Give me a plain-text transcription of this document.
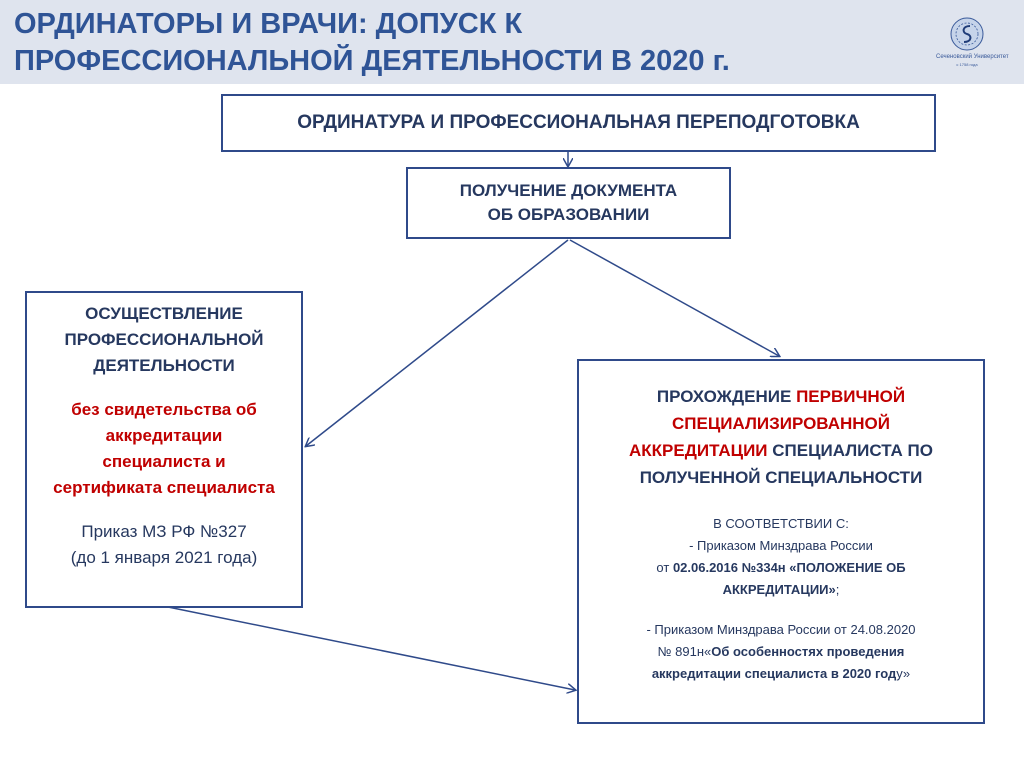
ОРДИНАТОРЫ И ВРАЧИ: ДОПУСК К
ПРОФЕССИОНАЛЬНОЙ ДЕЯТЕЛЬНОСТИ В 2020 г.	Сеченовский Университет
с 1758 года
ОРДИНАТУРА И ПРОФЕССИОНАЛЬНАЯ ПЕРЕПОДГОТОВКА
ПОЛУЧЕНИЕ ДОКУМЕНТА
ОБ ОБРАЗОВАНИИ
ОСУЩЕСТВЛЕНИЕ
ПРОФЕССИОНАЛЬНОЙ
ДЕЯТЕЛЬНОСТИ
без свидетельства об
аккредитации
специалиста и
сертификата специалиста
Приказ МЗ РФ №327
(до 1 января 2021 года)
ПРОХОЖДЕНИЕ ПЕРВИЧНОЙ
СПЕЦИАЛИЗИРОВАННОЙ
АККРЕДИТАЦИИ СПЕЦИАЛИСТА ПО
ПОЛУЧЕННОЙ СПЕЦИАЛЬНОСТИ
В СООТВЕТСТВИИ С:
- Приказом Минздрава России
от 02.06.2016 №334н «ПОЛОЖЕНИЕ ОБ
АККРЕДИТАЦИИ»;
- Приказом Минздрава России от 24.08.2020
№ 891н«Об особенностях проведения
аккредитации специалиста в 2020 году»
